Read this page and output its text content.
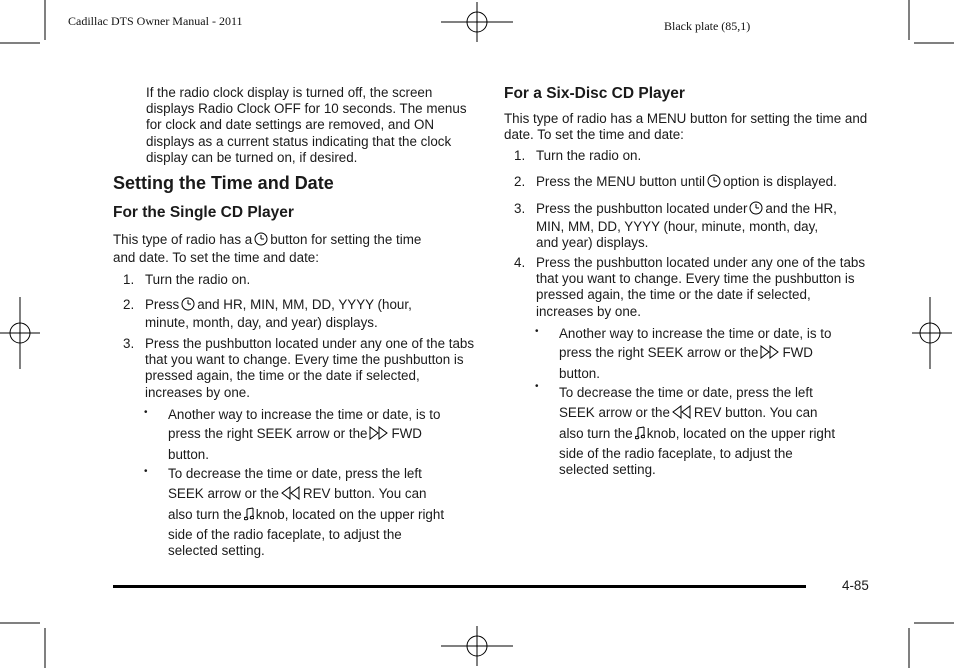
Cadillac DTS Owner Manual - 2011	Black plate (85,1)
If the radio clock display is turned off, the screen displays Radio Clock OFF for 10 seconds. The menus for clock and date settings are removed, and ON displays as a current status indicating that the clock display can be turned on, if desired.
Setting the Time and Date
For the Single CD Player
This type of radio has a button for setting the time
and date. To set the time and date:
1. Turn the radio on.
2. Press and HR, MIN, MM, DD, YYYY (hour,
minute, month, day, and year) displays.
3. Press the pushbutton located under any one of the tabs that you want to change. Every time the pushbutton is pressed again, the time or the date if selected, increases by one.
• Another way to increase the time or date, is to
press the right SEEK arrow or the FWD
button.
• To decrease the time or date, press the left
SEEK arrow or the REV button. You can
also turn the knob, located on the upper right

side of the radio faceplate, to adjust the
selected setting.
For a Six-Disc CD Player
This type of radio has a MENU button for setting the time and date. To set the time and date:
1. Turn the radio on.
2. Press the MENU button until option is displayed.
3. Press the pushbutton located under and the HR,
MIN, MM, DD, YYYY (hour, minute, month, day,
and year) displays.
4. Press the pushbutton located under any one of the tabs that you want to change. Every time the pushbutton is pressed again, the time or the date if selected, increases by one.
• Another way to increase the time or date, is to
press the right SEEK arrow or the FWD
button.
• To decrease the time or date, press the left
SEEK arrow or the REV button. You can
also turn the knob, located on the upper right

side of the radio faceplate, to adjust the
selected setting.
4-85
